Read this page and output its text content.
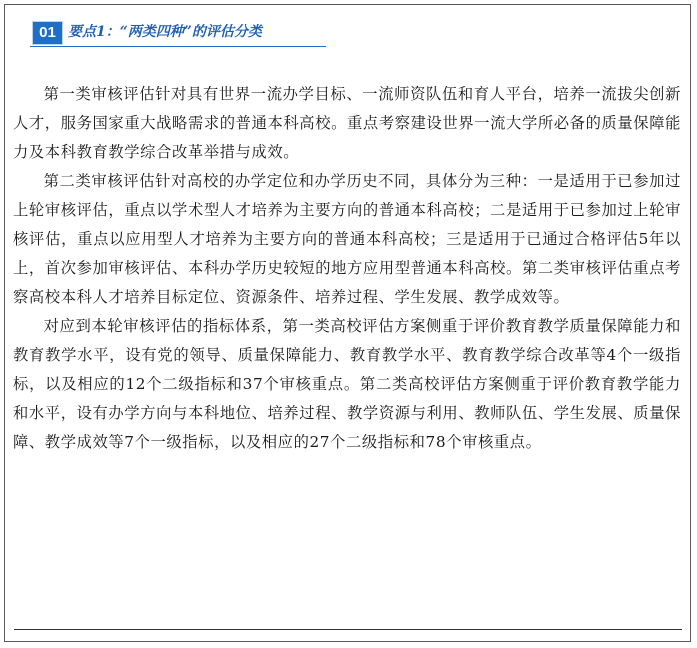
01 要点1：“两类四种”的评估分类

第一类审核评估针对具有世界一流办学目标、一流师资队伍和育人平台，培养一流拔尖创新人才，服务国家重大战略需求的普通本科高校。重点考察建设世界一流大学所必备的质量保障能力及本科教育教学综合改革举措与成效。

第二类审核评估针对高校的办学定位和办学历史不同，具体分为三种：一是适用于已参加过上轮审核评估，重点以学术型人才培养为主要方向的普通本科高校；二是适用于已参加过上轮审核评估，重点以应用型人才培养为主要方向的普通本科高校；三是适用于已通过合格评估5年以上，首次参加审核评估、本科办学历史较短的地方应用型普通本科高校。第二类审核评估重点考察高校本科人才培养目标定位、资源条件、培养过程、学生发展、教学成效等。

对应到本轮审核评估的指标体系，第一类高校评估方案侧重于评价教育教学质量保障能力和教育教学水平，设有党的领导、质量保障能力、教育教学水平、教育教学综合改革等4个一级指标，以及相应的12个二级指标和37个审核重点。第二类高校评估方案侧重于评价教育教学能力和水平，设有办学方向与本科地位、培养过程、教学资源与利用、教师队伍、学生发展、质量保障、教学成效等7个一级指标，以及相应的27个二级指标和78个审核重点。
